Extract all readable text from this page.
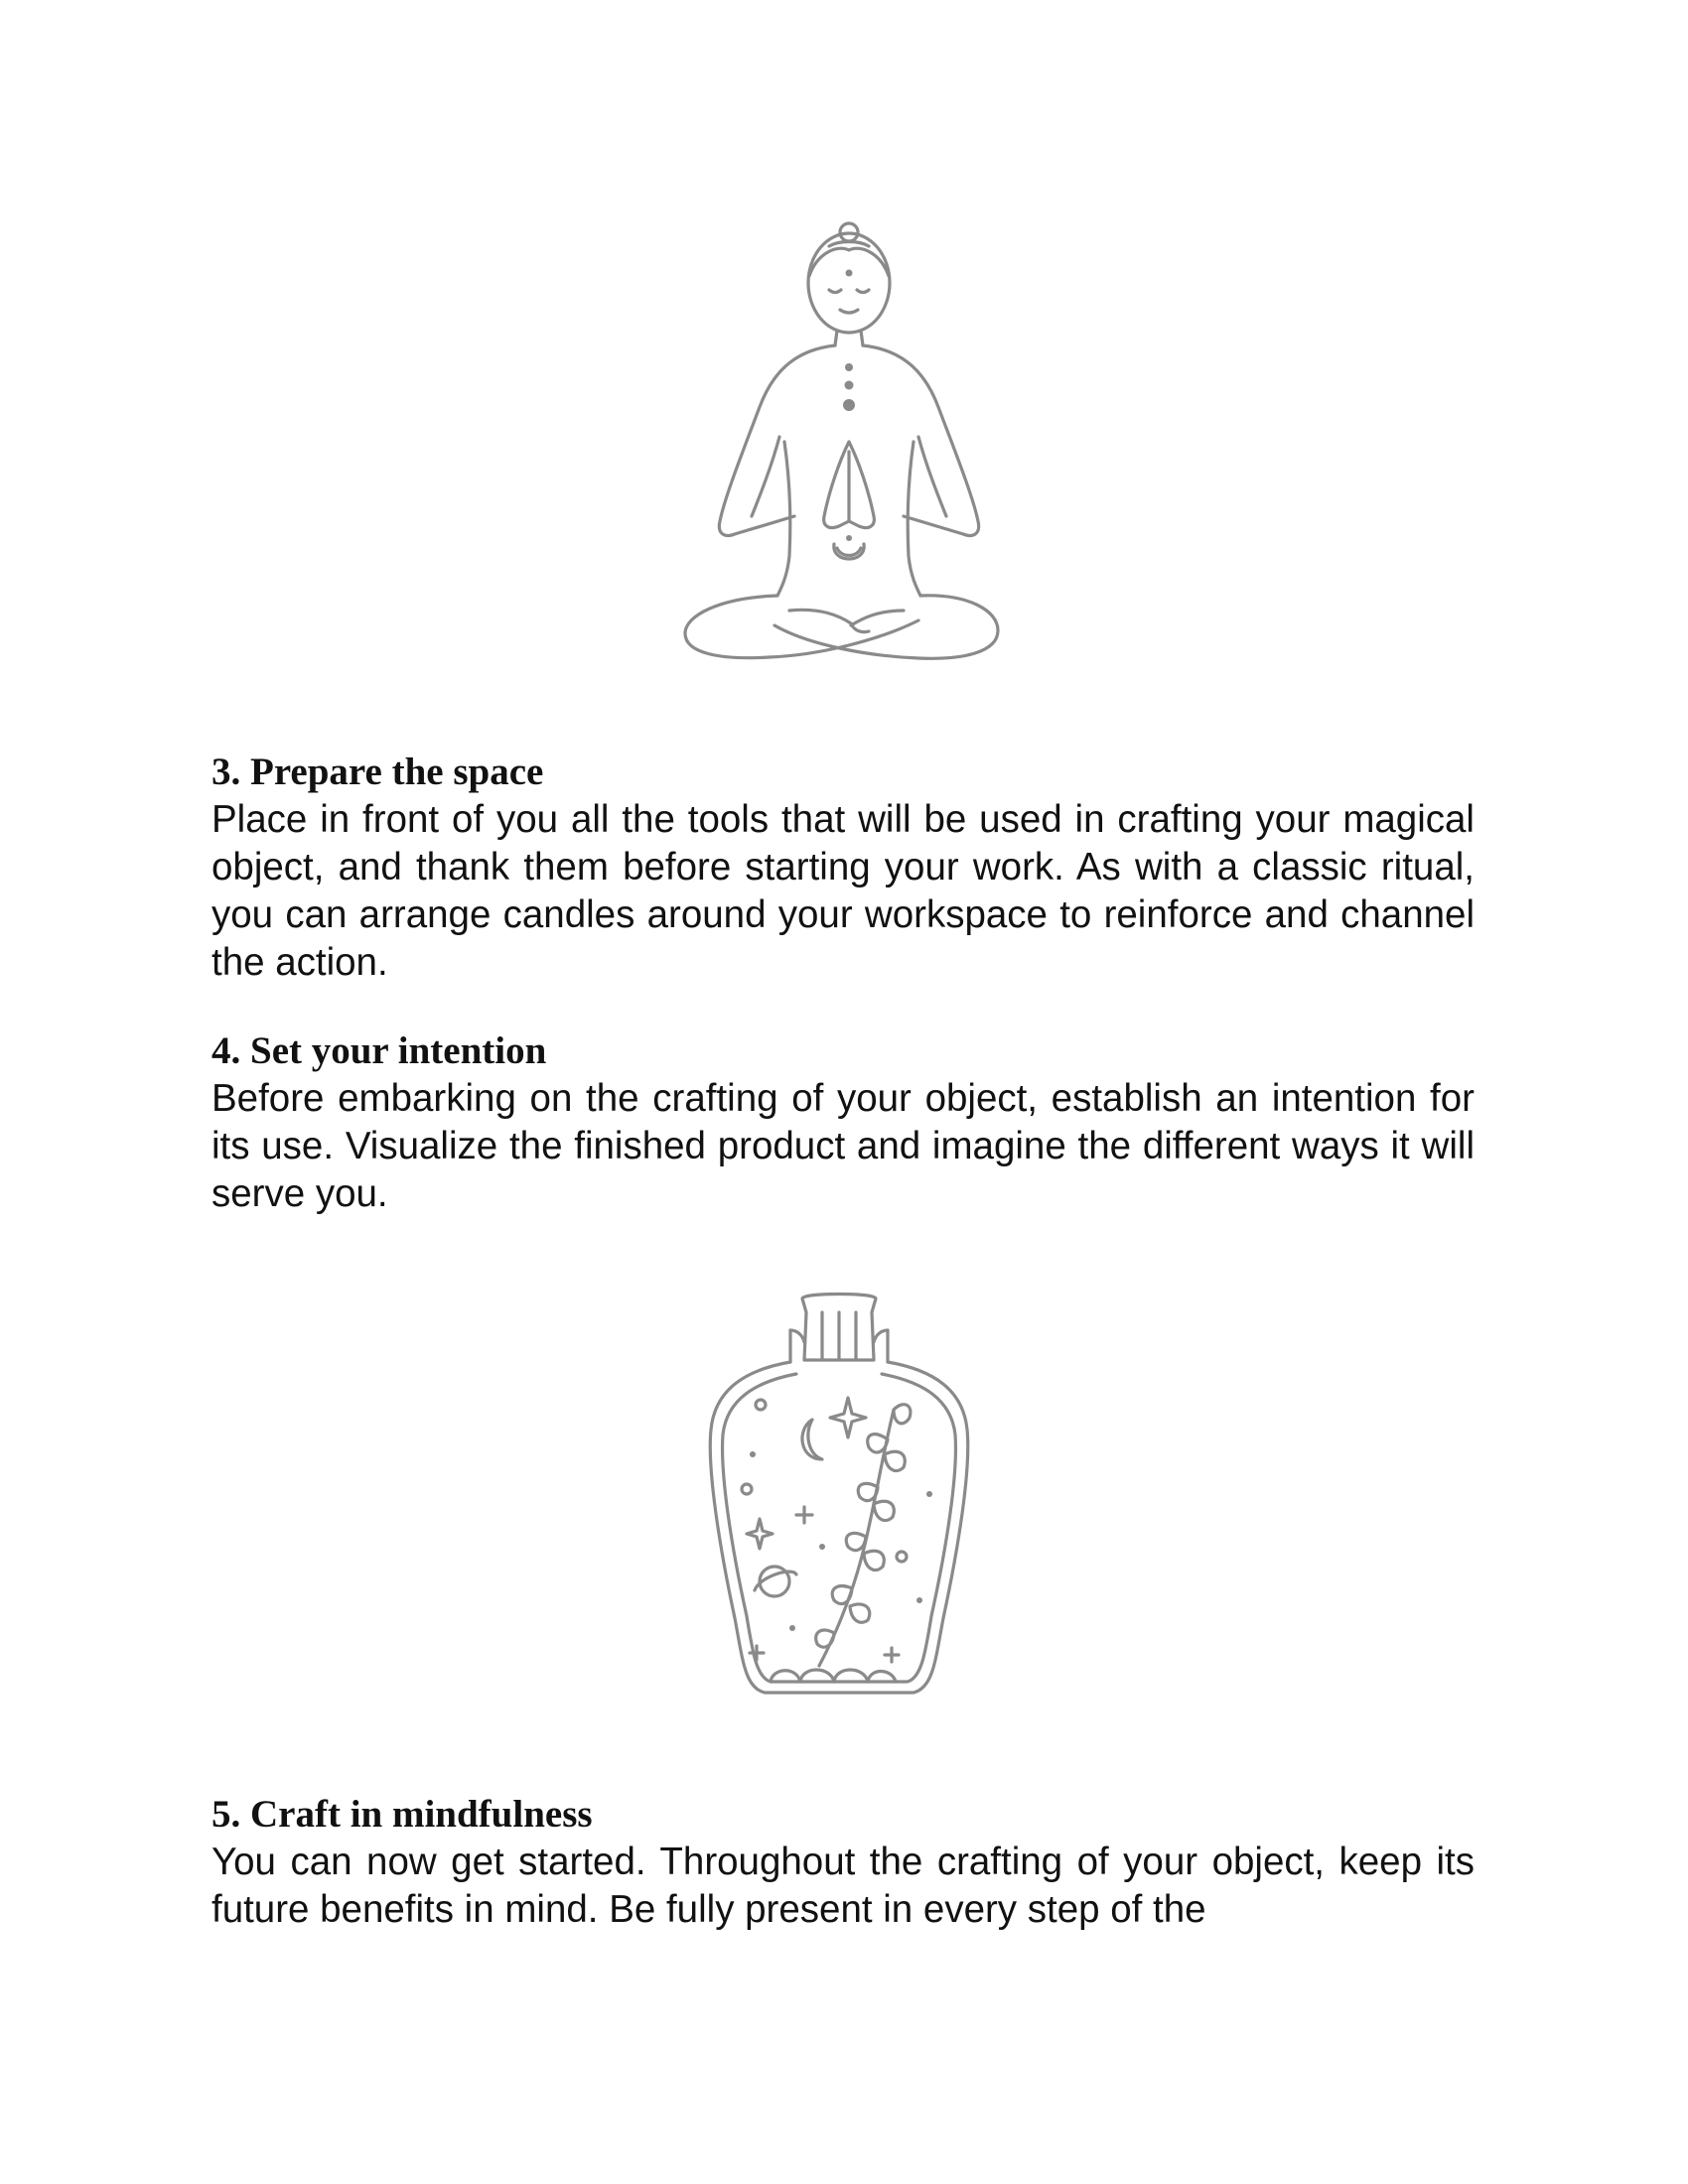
3. Prepare the space

Place in front of you all the tools that will be used in crafting your magical object, and thank them before starting your work. As with a classic ritual, you can arrange candles around your workspace to reinforce and channel the action.

4. Set your intention

Before embarking on the crafting of your object, establish an intention for its use. Visualize the finished product and imagine the different ways it will serve you.

5. Craft in mindfulness

You can now get started. Throughout the crafting of your object, keep its future benefits in mind. Be fully present in every step of the
